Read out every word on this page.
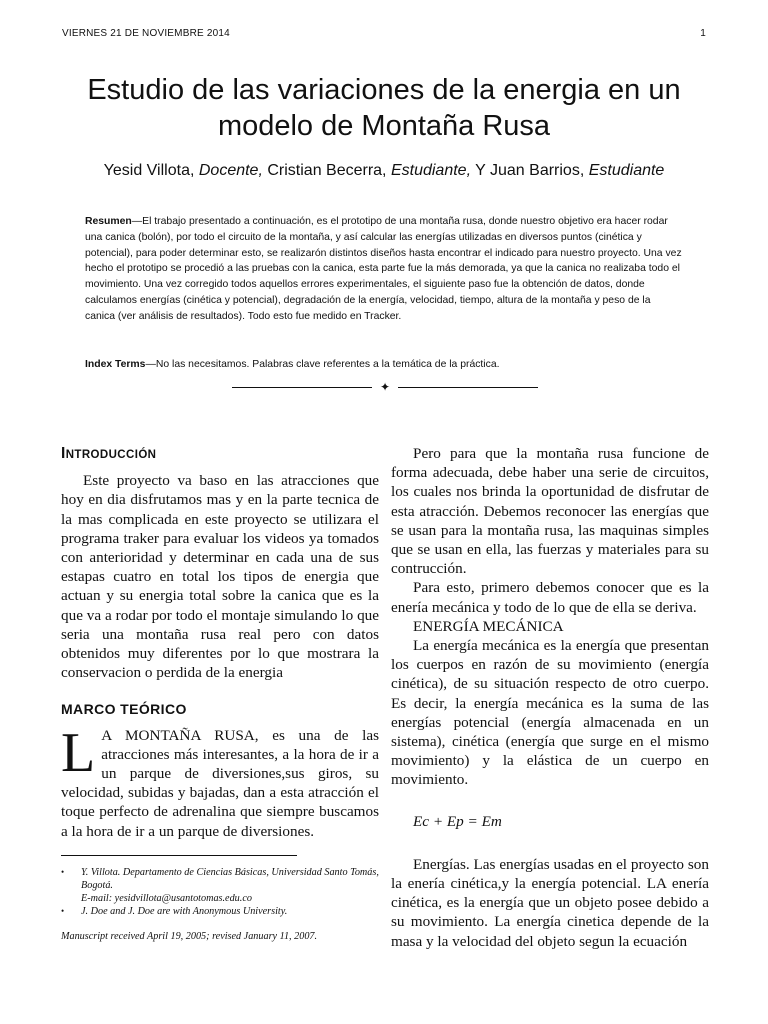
VIERNES 21 DE NOVIEMBRE 2014	1
Estudio de las variaciones de la energia en un
modelo de Montaña Rusa
Yesid Villota, Docente, Cristian Becerra, Estudiante, Y Juan Barrios, Estudiante

Resumen—El trabajo presentado a continuación, es el prototipo de una montaña rusa, donde nuestro objetivo era hacer rodar una canica (bolón), por todo el circuito de la montaña, y así calcular las energías utilizadas en diversos puntos (cinética y potencial), para poder determinar esto, se realizarón distintos diseños hasta encontrar el indicado para nuestro proyecto. Una vez hecho el prototipo se procedió a las pruebas con la canica, esta parte fue la más demorada, ya que la canica no realizaba todo el movimiento. Una vez corregido todos aquellos errores experimentales, el siguiente paso fue la obtención de datos, donde calculamos energías (cinética y potencial), degradación de la energía, velocidad, tiempo, altura de la montaña y peso de la canica (ver análisis de resultados). Todo esto fue medido en Tracker.

Index Terms—No las necesitamos. Palabras clave referentes a la temática de la práctica.

✦
INTRODUCCIÓN

Este proyecto va baso en las atracciones que hoy en dia disfrutamos mas y en la parte tecnica de la mas complicada en este proyecto se utilizara el programa traker para evaluar los videos ya tomados con anterioridad y determinar en cada una de sus estapas cuatro en total los tipos de energia que actuan y su energia total sobre la canica que es la que va a rodar por todo el montaje simulando lo que seria una montaña rusa real pero con datos obtenidos muy diferentes por lo que mostrara la conservacion o perdida de la energia

MARCO TEÓRICO

L A MONTAÑA RUSA, es una de las atracciones más interesantes, a la hora de ir a un parque de diversiones,sus giros, su velocidad, subidas y bajadas, dan a esta atracción el toque perfecto de adrenalina que siempre buscamos a la hora de ir a un parque de diversiones.

• Y. Villota. Departamento de Ciencias Básicas, Universidad Santo Tomás, Bogotá.
E-mail: yesidvillota@usantotomas.edu.co
• J. Doe and J. Doe are with Anonymous University.
Manuscript received April 19, 2005; revised January 11, 2007.

Pero para que la montaña rusa funcione de forma adecuada, debe haber una serie de circuitos, los cuales nos brinda la oportunidad de disfrutar de esta atracción. Debemos reconocer las energías que se usan para la montaña rusa, las maquinas simples que se usan en ella, las fuerzas y materiales para su contrucción.

Para esto, primero debemos conocer que es la enería mecánica y todo de lo que de ella se deriva.

ENERGÍA MECÁNICA

La energía mecánica es la energía que presentan los cuerpos en razón de su movimiento (energía cinética), de su situación respecto de otro cuerpo. Es decir, la energía mecánica es la suma de las energías potencial (energía almacenada en un sistema), cinética (energía que surge en el mismo movimiento) y la elástica de un cuerpo en movimiento.

Ec + Ep = Em

Energías. Las energías usadas en el proyecto son la enería cinética,y la energía potencial. LA enería cinética, es la energía que un objeto posee debido a su movimiento. La energía cinetica depende de la masa y la velocidad del objeto segun la ecuación
